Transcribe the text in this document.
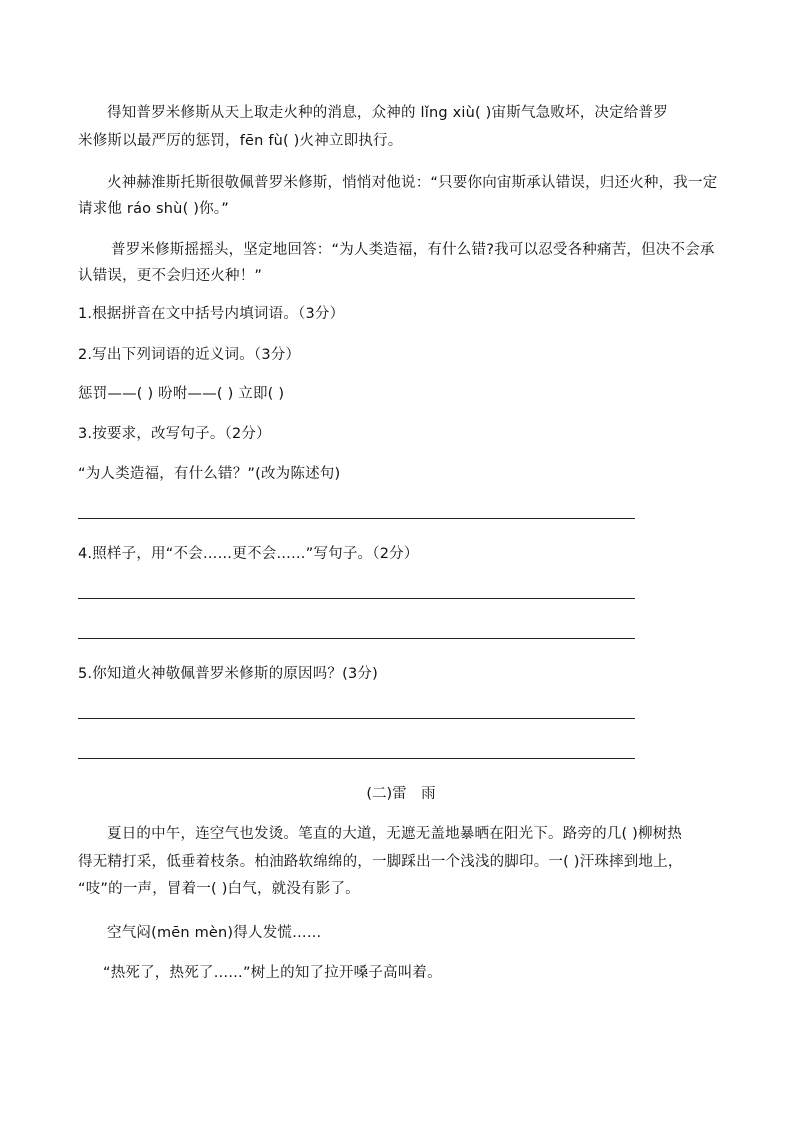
得知普罗米修斯从天上取走火种的消息，众神的 lǐng xiù( )宙斯气急败坏，决定给普罗
米修斯以最严厉的惩罚，fēn fù( )火神立即执行。
火神赫淮斯托斯很敬佩普罗米修斯，悄悄对他说：“只要你向宙斯承认错误，归还火种，我一定
请求他 ráo shù( )你。”
普罗米修斯摇摇头，坚定地回答：“为人类造福，有什么错?我可以忍受各种痛苦，但决不会承
认错误，更不会归还火种！”
1.根据拼音在文中括号内填词语。（3分）
2.写出下列词语的近义词。（3分）
惩罚——( ) 吩咐——( ) 立即( )
3.按要求，改写句子。（2分）
“为人类造福，有什么错？”(改为陈述句)
4.照样子，用“不会……更不会……”写句子。（2分）
5.你知道火神敬佩普罗米修斯的原因吗？(3分)
(二)雷　雨
夏日的中午，连空气也发烫。笔直的大道，无遮无盖地暴晒在阳光下。路旁的几( )柳树热
得无精打采，低垂着枝条。柏油路软绵绵的，一脚踩出一个浅浅的脚印。一( )汗珠摔到地上，
“吱”的一声，冒着一( )白气，就没有影了。
空气闷(mēn mèn)得人发慌……
“热死了，热死了……”树上的知了拉开嗓子高叫着。
